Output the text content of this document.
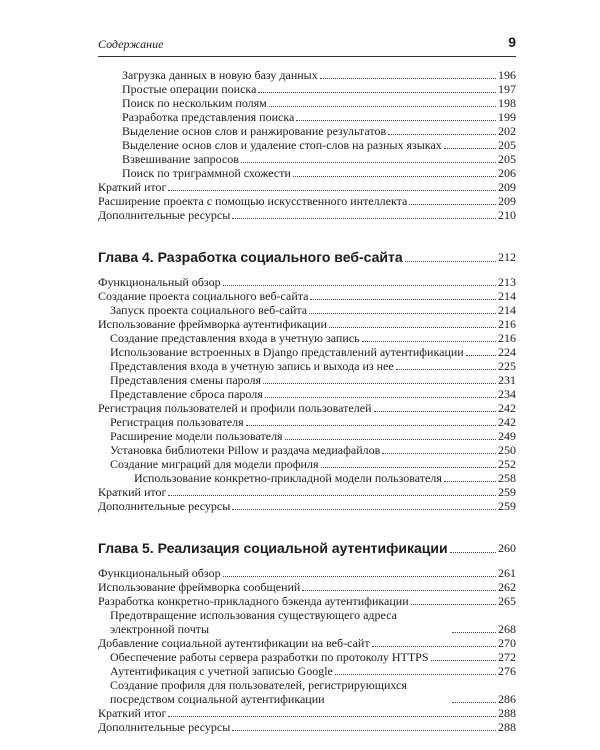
Содержание	9
Загрузка данных в новую базу данных	196
Простые операции поиска	197
Поиск по нескольким полям	198
Разработка представления поиска	199
Выделение основ слов и ранжирование результатов	202
Выделение основ слов и удаление стоп-слов на разных языках	205
Взвешивание запросов	205
Поиск по триграммной схожести	206
Краткий итог	209
Расширение проекта с помощью искусственного интеллекта	209
Дополнительные ресурсы	210
Глава 4. Разработка социального веб-сайта	212
Функциональный обзор	213
Создание проекта социального веб-сайта	214
Запуск проекта социального веб-сайта	214
Использование фреймворка аутентификации	216
Создание представления входа в учетную запись	216
Использование встроенных в Django представлений аутентификации	224
Представления входа в учетную запись и выхода из нее	225
Представления смены пароля	231
Представление сброса пароля	234
Регистрация пользователей и профили пользователей	242
Регистрация пользователя	242
Расширение модели пользователя	249
Установка библиотеки Pillow и раздача медиафайлов	250
Создание миграций для модели профиля	252
Использование конкретно-прикладной модели пользователя	258
Краткий итог	259
Дополнительные ресурсы	259
Глава 5. Реализация социальной аутентификации	260
Функциональный обзор	261
Использование фреймворка сообщений	262
Разработка конкретно-прикладного бэкенда аутентификации	265
Предотвращение использования существующего адреса электронной почты	268
Добавление социальной аутентификации на веб-сайт	270
Обеспечение работы сервера разработки по протоколу HTTPS	272
Аутентификация с учетной записью Google	276
Создание профиля для пользователей, регистрирующихся посредством социальной аутентификации	286
Краткий итог	288
Дополнительные ресурсы	288
